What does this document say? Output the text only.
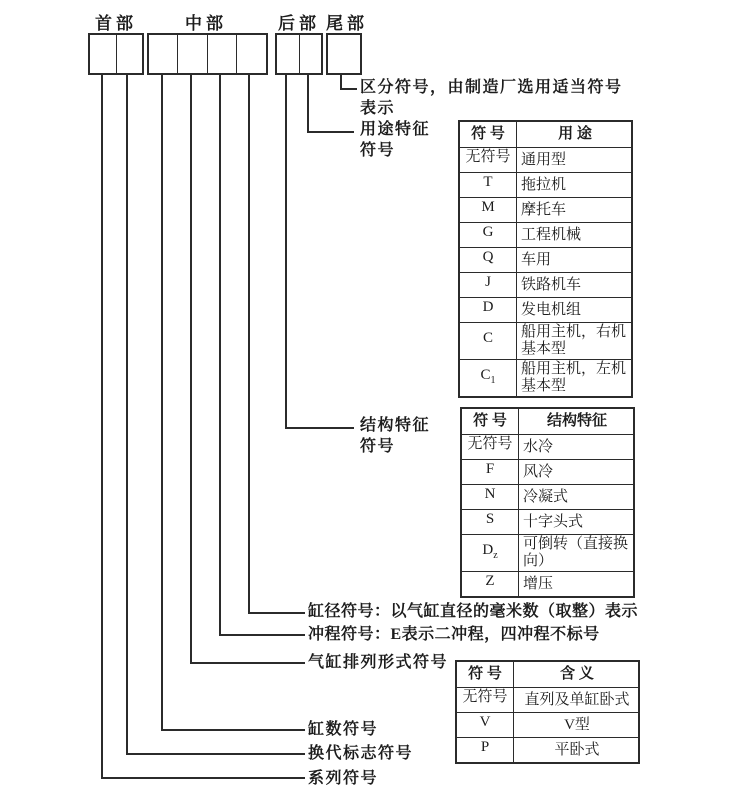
首部	中部	后部 尾部
区分符号，由制造厂选用适当符号
表示
用途特征
符号
结构特征
符号
缸径符号：以气缸直径的毫米数（取整）表示
冲程符号：E表示二冲程，四冲程不标号
气缸排列形式符号
缸数符号
换代标志符号
系列符号
符 号	用 途
无符号	通用型
T	拖拉机
M	摩托车
G	工程机械
Q	车用
J	铁路机车
D	发电机组
C	船用主机，右机基本型
$C_1$	船用主机，左机基本型
符 号	结构特征
无符号	水冷
F	风冷
N	冷凝式
S	十字头式
$D_z$	可倒转（直接换向）
Z	增压
符 号	含 义
无符号	直列及单缸卧式
V	V型
P	平卧式
